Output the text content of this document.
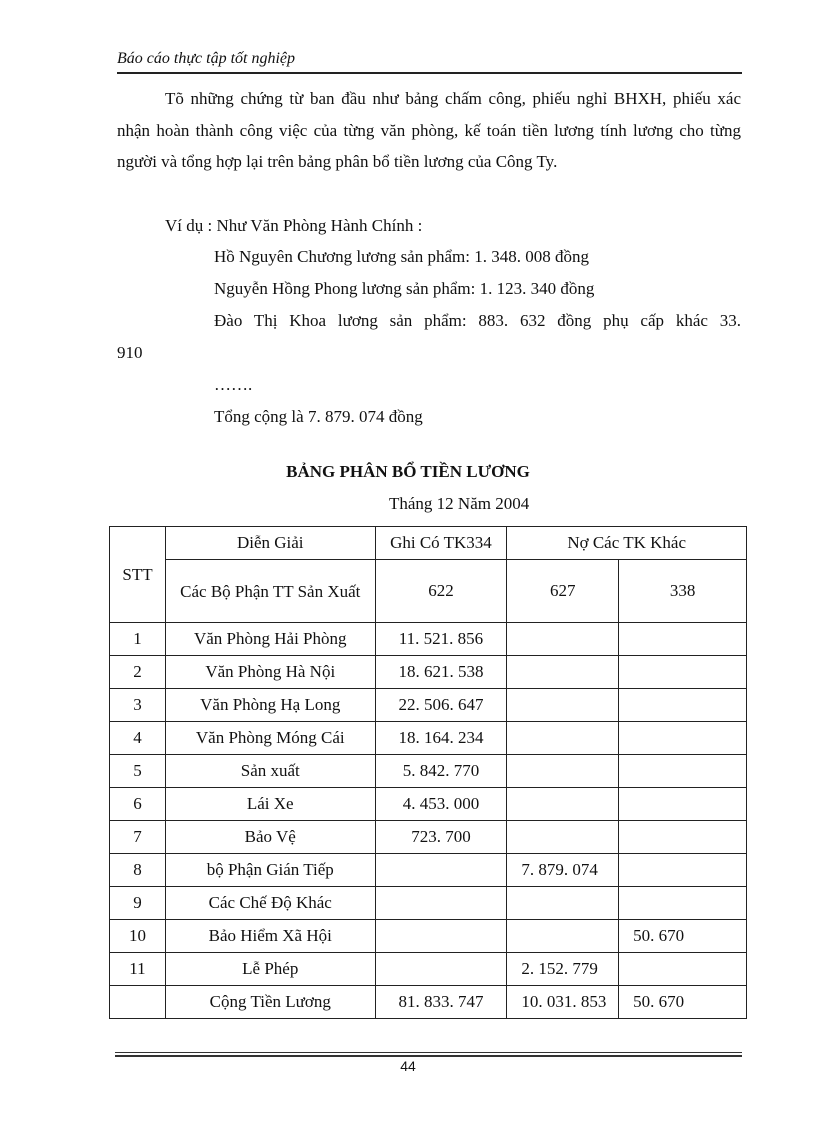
Báo cáo thực tập tốt nghiệp
Tõ những chứng từ ban đầu như bảng chấm công, phiếu nghỉ BHXH, phiếu xác nhận hoàn thành công việc của từng văn phòng, kế toán tiền lương tính lương cho từng người và tổng hợp lại trên bảng phân bổ tiền lương của Công Ty.
Ví dụ : Như Văn Phòng Hành Chính :
Hồ Nguyên Chương lương sản phẩm: 1. 348. 008 đồng
Nguyễn Hồng Phong lương sản phẩm: 1. 123. 340 đồng
Đào Thị Khoa lương sản phẩm: 883. 632 đồng phụ cấp khác 33.
910
…….
Tổng cộng là 7. 879. 074 đồng
BẢNG PHÂN BỔ TIỀN LƯƠNG
Tháng 12 Năm 2004
STT	Diễn Giải	Ghi Có TK334	Nợ Các TK Khác	
	Các Bộ Phận TT Sản Xuất	622	627	338
1	Văn Phòng Hải Phòng	11. 521. 856		
2	Văn Phòng Hà Nội	18. 621. 538		
3	Văn Phòng Hạ Long	22. 506. 647		
4	Văn Phòng Móng Cái	18. 164. 234		
5	Sản xuất	5. 842. 770		
6	Lái Xe	4. 453. 000		
7	Bảo Vệ	723. 700		
8	bộ Phận Gián Tiếp		7. 879. 074	
9	Các Chế Độ Khác			
10	Bảo Hiểm Xã Hội			50. 670
11	Lễ Phép		2. 152. 779	
	Cộng Tiền Lương	81. 833. 747	10. 031. 853	50. 670
44
